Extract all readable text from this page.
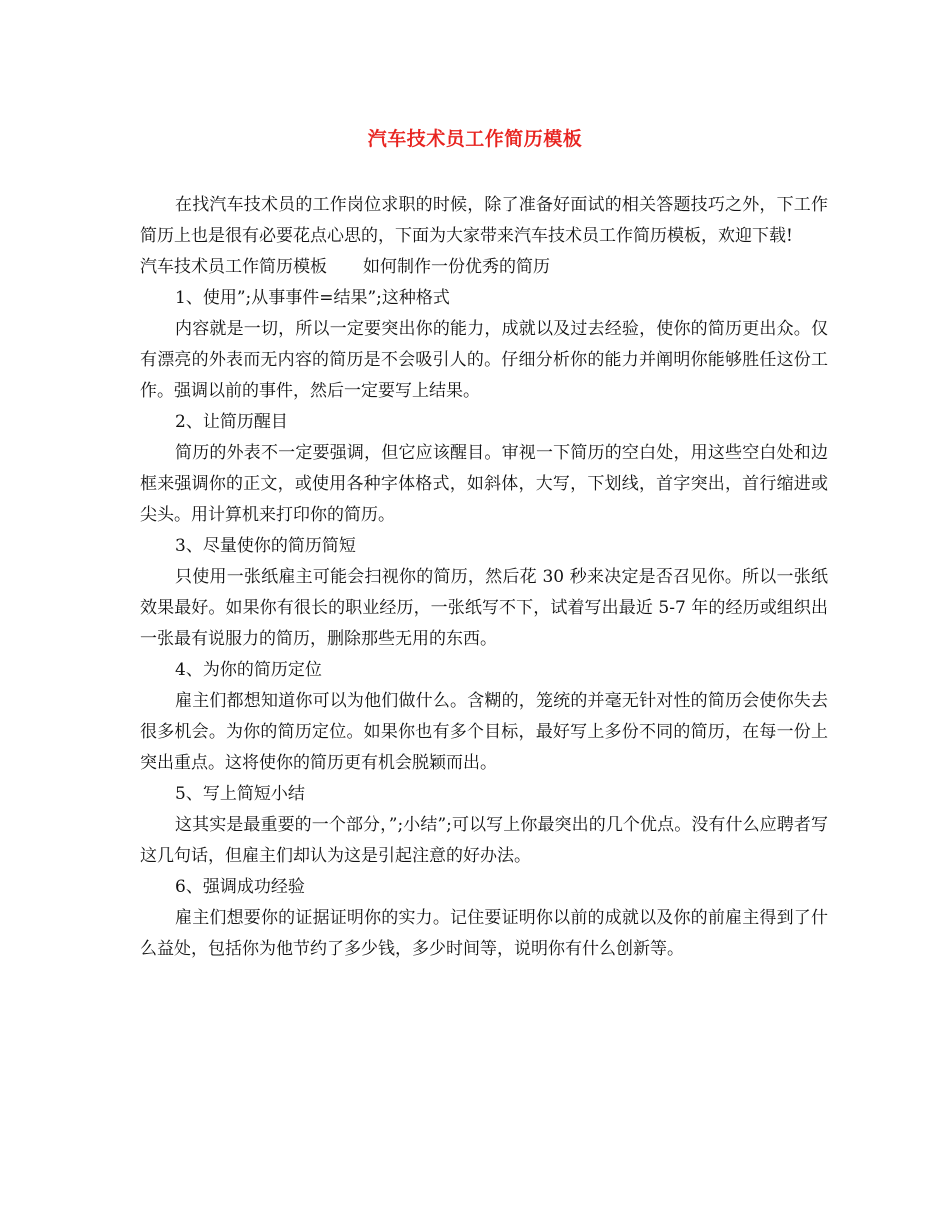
汽车技术员工作简历模板

在找汽车技术员的工作岗位求职的时候，除了准备好面试的相关答题技巧之外，下工作简历上也是很有必要花点心思的，下面为大家带来汽车技术员工作简历模板，欢迎下载!

汽车技术员工作简历模板 如何制作一份优秀的简历

1、使用”;从事事件=结果”;这种格式

内容就是一切，所以一定要突出你的能力，成就以及过去经验，使你的简历更出众。仅有漂亮的外表而无内容的简历是不会吸引人的。仔细分析你的能力并阐明你能够胜任这份工作。强调以前的事件，然后一定要写上结果。

2、让简历醒目

简历的外表不一定要强调，但它应该醒目。审视一下简历的空白处，用这些空白处和边框来强调你的正文，或使用各种字体格式，如斜体，大写，下划线，首字突出，首行缩进或尖头。用计算机来打印你的简历。

3、尽量使你的简历简短

只使用一张纸雇主可能会扫视你的简历，然后花 30 秒来决定是否召见你。所以一张纸效果最好。如果你有很长的职业经历，一张纸写不下，试着写出最近 5-7 年的经历或组织出一张最有说服力的简历，删除那些无用的东西。

4、为你的简历定位

雇主们都想知道你可以为他们做什么。含糊的，笼统的并毫无针对性的简历会使你失去很多机会。为你的简历定位。如果你也有多个目标，最好写上多份不同的简历，在每一份上突出重点。这将使你的简历更有机会脱颖而出。

5、写上简短小结

这其实是最重要的一个部分，”;小结”;可以写上你最突出的几个优点。没有什么应聘者写这几句话，但雇主们却认为这是引起注意的好办法。

6、强调成功经验

雇主们想要你的证据证明你的实力。记住要证明你以前的成就以及你的前雇主得到了什么益处，包括你为他节约了多少钱，多少时间等，说明你有什么创新等。
